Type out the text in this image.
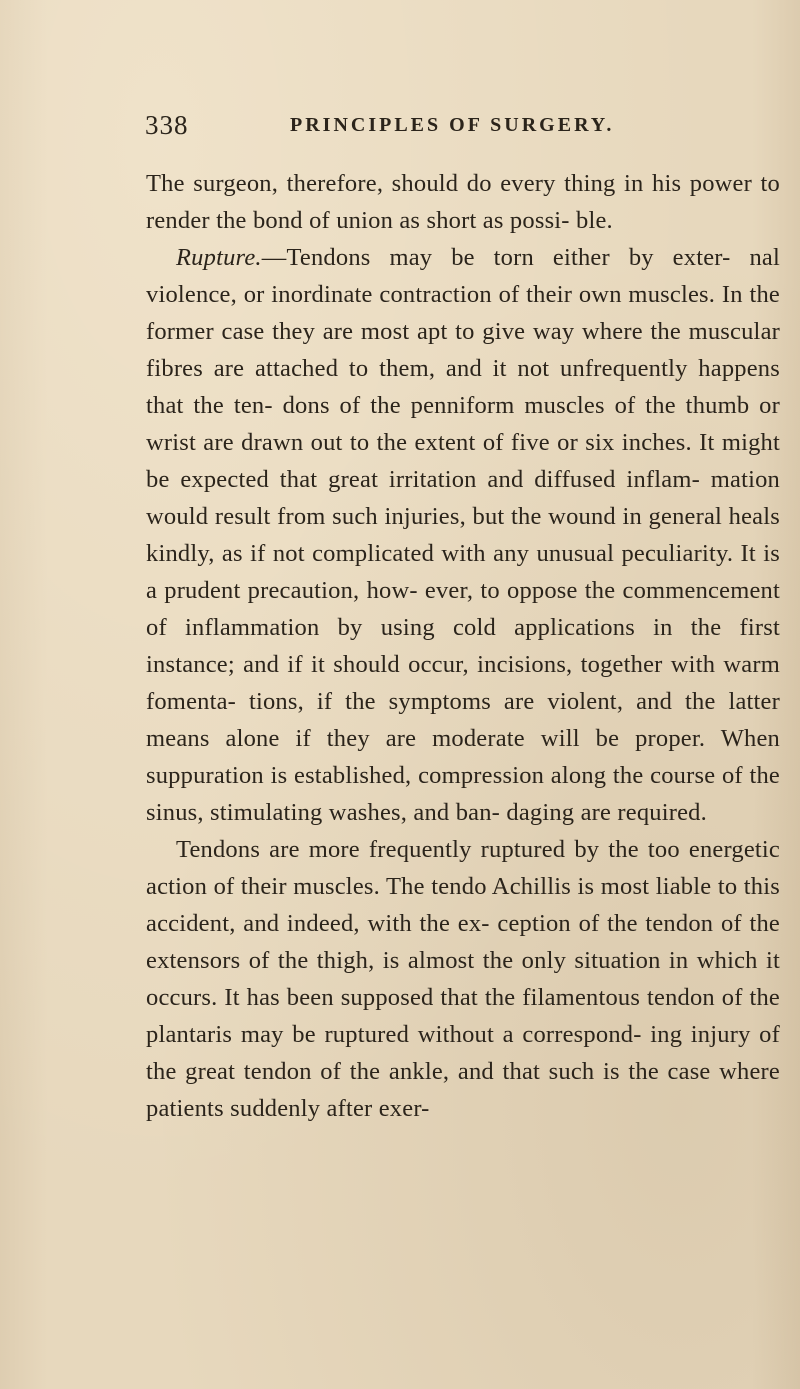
338	PRINCIPLES OF SURGERY.

The surgeon, therefore, should do every thing in his power to render the bond of union as short as possi- ble.

Rupture.—Tendons may be torn either by exter- nal violence, or inordinate contraction of their own muscles. In the former case they are most apt to give way where the muscular fibres are attached to them, and it not unfrequently happens that the ten- dons of the penniform muscles of the thumb or wrist are drawn out to the extent of five or six inches. It might be expected that great irritation and diffused inflam- mation would result from such injuries, but the wound in general heals kindly, as if not complicated with any unusual peculiarity. It is a prudent precaution, how- ever, to oppose the commencement of inflammation by using cold applications in the first instance; and if it should occur, incisions, together with warm fomenta- tions, if the symptoms are violent, and the latter means alone if they are moderate will be proper. When suppuration is established, compression along the course of the sinus, stimulating washes, and ban- daging are required.

Tendons are more frequently ruptured by the too energetic action of their muscles. The tendo Achillis is most liable to this accident, and indeed, with the ex- ception of the tendon of the extensors of the thigh, is almost the only situation in which it occurs. It has been supposed that the filamentous tendon of the plantaris may be ruptured without a correspond- ing injury of the great tendon of the ankle, and that such is the case where patients suddenly after exer-
